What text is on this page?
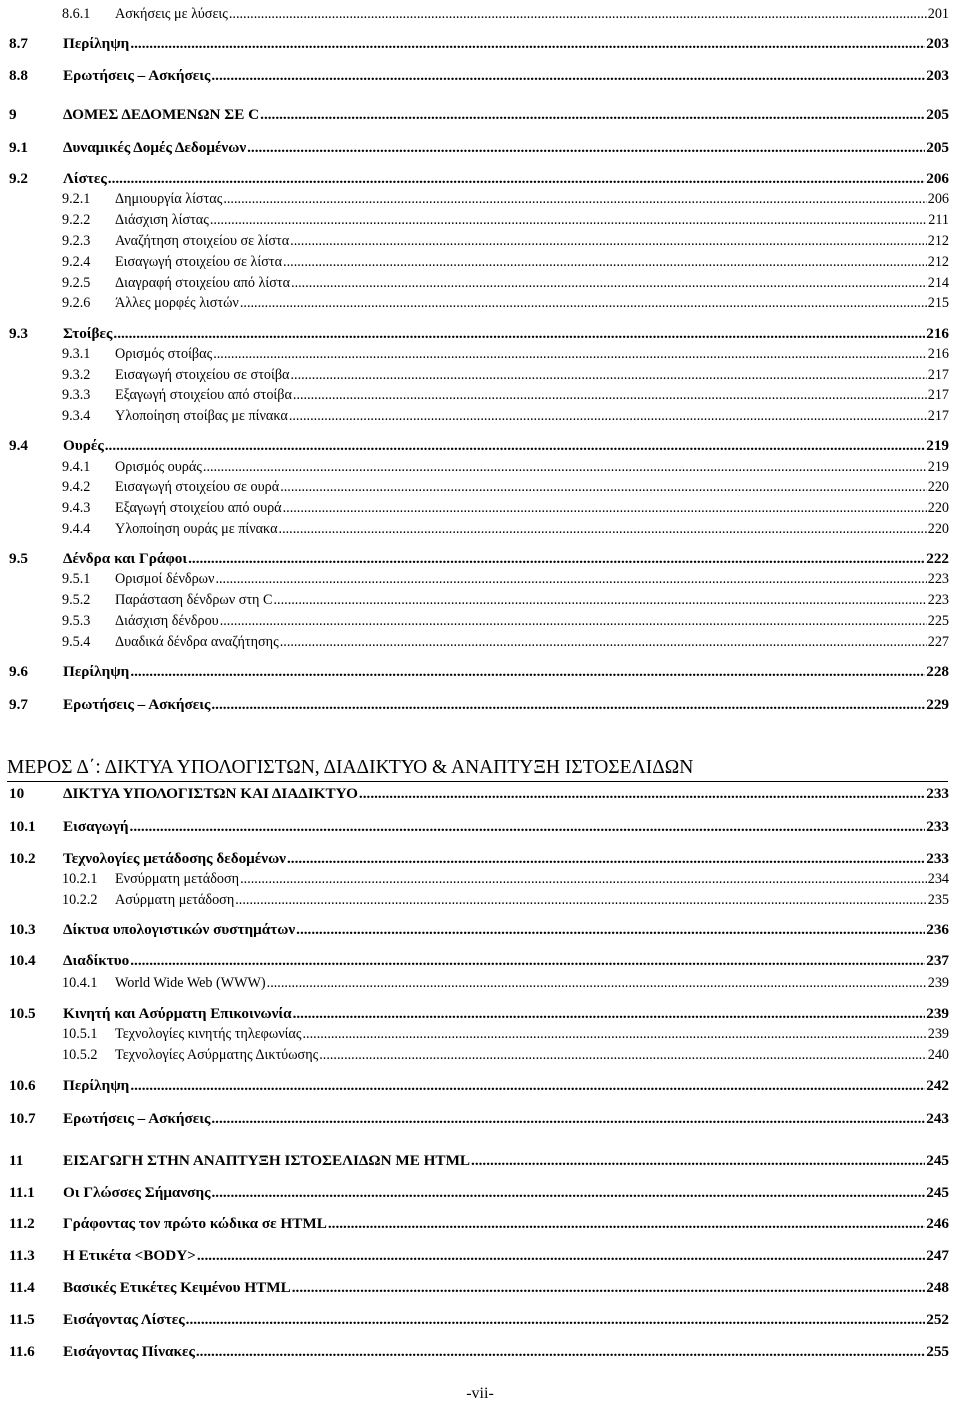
ΜΕΡΟΣ Δ΄: ΔΙΚΤΥΑ ΥΠΟΛΟΓΙΣΤΩΝ, ΔΙΑΔΙΚΤΥΟ & ΑΝΑΠΤΥΞΗ ΙΣΤΟΣΕΛΙΔΩΝ
-vii-
8.6.1	Ασκήσεις με λύσεις .....	201
8.7	Περίληψη .....	203
8.8	Ερωτήσεις – Ασκήσεις .....	203
9	ΔΟΜΕΣ ΔΕΔΟΜΕΝΩΝ ΣΕ C .....	205
9.1	Δυναμικές Δομές Δεδομένων .....	205
9.2	Λίστες .....	206
9.2.1	Δημιουργία λίστας .....	206
9.2.2	Διάσχιση λίστας .....	211
9.2.3	Αναζήτηση στοιχείου σε λίστα .....	212
9.2.4	Εισαγωγή στοιχείου σε λίστα .....	212
9.2.5	Διαγραφή στοιχείου από λίστα .....	214
9.2.6	Άλλες μορφές λιστών .....	215
9.3	Στοίβες .....	216
9.3.1	Ορισμός στοίβας .....	216
9.3.2	Εισαγωγή στοιχείου σε στοίβα .....	217
9.3.3	Εξαγωγή στοιχείου από στοίβα .....	217
9.3.4	Υλοποίηση στοίβας με πίνακα .....	217
9.4	Ουρές .....	219
9.4.1	Ορισμός ουράς .....	219
9.4.2	Εισαγωγή στοιχείου σε ουρά .....	220
9.4.3	Εξαγωγή στοιχείου από ουρά .....	220
9.4.4	Υλοποίηση ουράς με πίνακα .....	220
9.5	Δένδρα και Γράφοι .....	222
9.5.1	Ορισμοί δένδρων .....	223
9.5.2	Παράσταση δένδρων στη C .....	223
9.5.3	Διάσχιση δένδρου .....	225
9.5.4	Δυαδικά δένδρα αναζήτησης .....	227
9.6	Περίληψη .....	228
9.7	Ερωτήσεις – Ασκήσεις .....	229
10	ΔΙΚΤΥΑ ΥΠΟΛΟΓΙΣΤΩΝ ΚΑΙ ΔΙΑΔΙΚΤΥΟ .....	233
10.1	Εισαγωγή .....	233
10.2	Τεχνολογίες μετάδοσης δεδομένων .....	233
10.2.1	Ενσύρματη μετάδοση .....	234
10.2.2	Ασύρματη μετάδοση .....	235
10.3	Δίκτυα υπολογιστικών συστημάτων .....	236
10.4	Διαδίκτυο .....	237
10.4.1	World Wide Web (WWW) .....	239
10.5	Κινητή και Ασύρματη Επικοινωνία .....	239
10.5.1	Τεχνολογίες κινητής τηλεφωνίας .....	239
10.5.2	Τεχνολογίες Ασύρματης Δικτύωσης .....	240
10.6	Περίληψη .....	242
10.7	Ερωτήσεις – Ασκήσεις .....	243
11	ΕΙΣΑΓΩΓΗ ΣΤΗΝ ΑΝΑΠΤΥΞΗ ΙΣΤΟΣΕΛΙΔΩΝ ΜΕ HTML .....	245
11.1	Οι Γλώσσες Σήμανσης .....	245
11.2	Γράφοντας τον πρώτο κώδικα σε HTML .....	246
11.3	Η Ετικέτα <BODY> .....	247
11.4	Βασικές Ετικέτες Κειμένου HTML .....	248
11.5	Εισάγοντας Λίστες .....	252
11.6	Εισάγοντας Πίνακες .....	255
